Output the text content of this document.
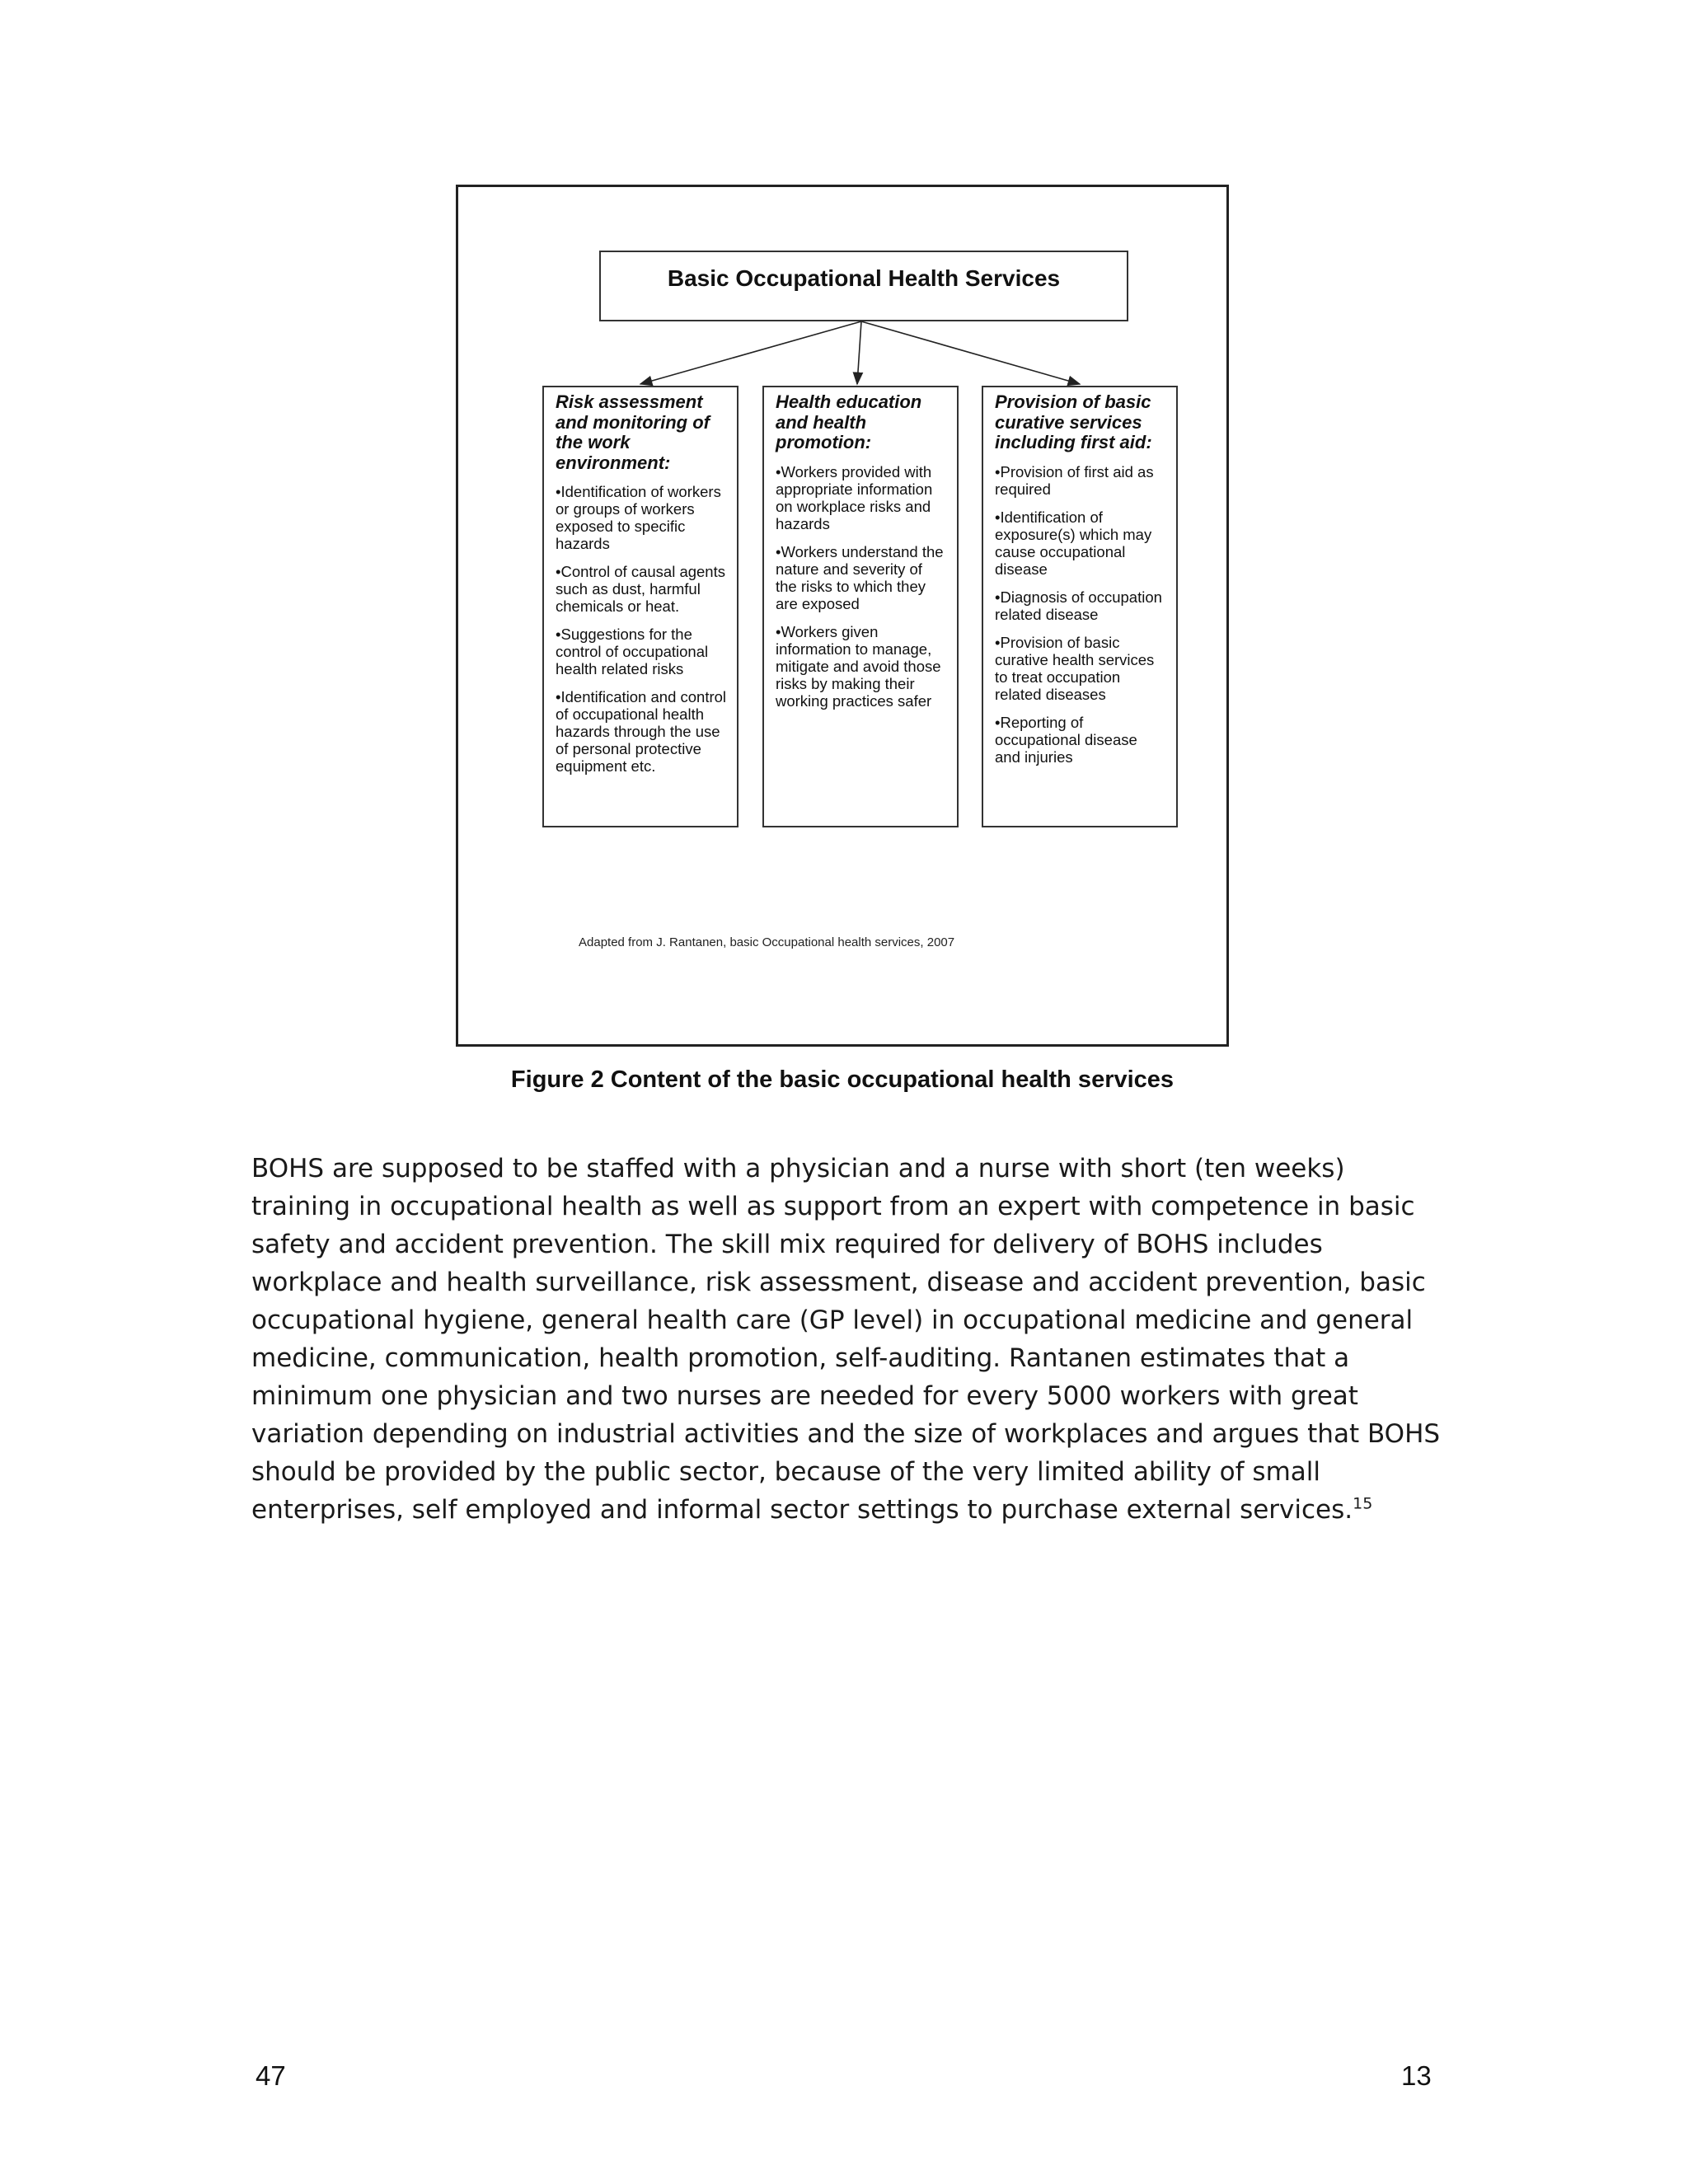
Basic Occupational Health Services

Risk assessment and monitoring of the work environment:

•Identification of workers or groups of workers exposed to specific hazards

•Control of causal agents such as dust, harmful chemicals or heat.

•Suggestions for the control of occupational health related risks

•Identification and control of occupational health hazards through the use of personal protective equipment etc.

Health education and health promotion:

•Workers provided with appropriate information on workplace risks and hazards

•Workers understand the nature and severity of the risks to which they are exposed

•Workers given information to manage, mitigate and avoid those risks by making their working practices safer

Provision of basic curative services including first aid:

•Provision of first aid as required

•Identification of exposure(s) which may cause occupational disease

•Diagnosis of occupation related disease

•Provision of basic curative health services to treat occupation related diseases

•Reporting of occupational disease and injuries

Adapted from J. Rantanen, basic Occupational health services, 2007
Figure 2 Content of the basic occupational health services
BOHS are supposed to be staffed with a physician and a nurse with short (ten weeks) training in occupational health as well as support from an expert with competence in basic safety and accident prevention. The skill mix required for delivery of BOHS includes workplace and health surveillance, risk assessment, disease and accident prevention, basic occupational hygiene, general health care (GP level) in occupational medicine and general medicine, communication, health promotion, self-auditing. Rantanen estimates that a minimum one physician and two nurses are needed for every 5000 workers with great variation depending on industrial activities and the size of workplaces and argues that BOHS should be provided by the public sector, because of the very limited ability of small enterprises, self employed and informal sector settings to purchase external services.$^{15}$
47	13
